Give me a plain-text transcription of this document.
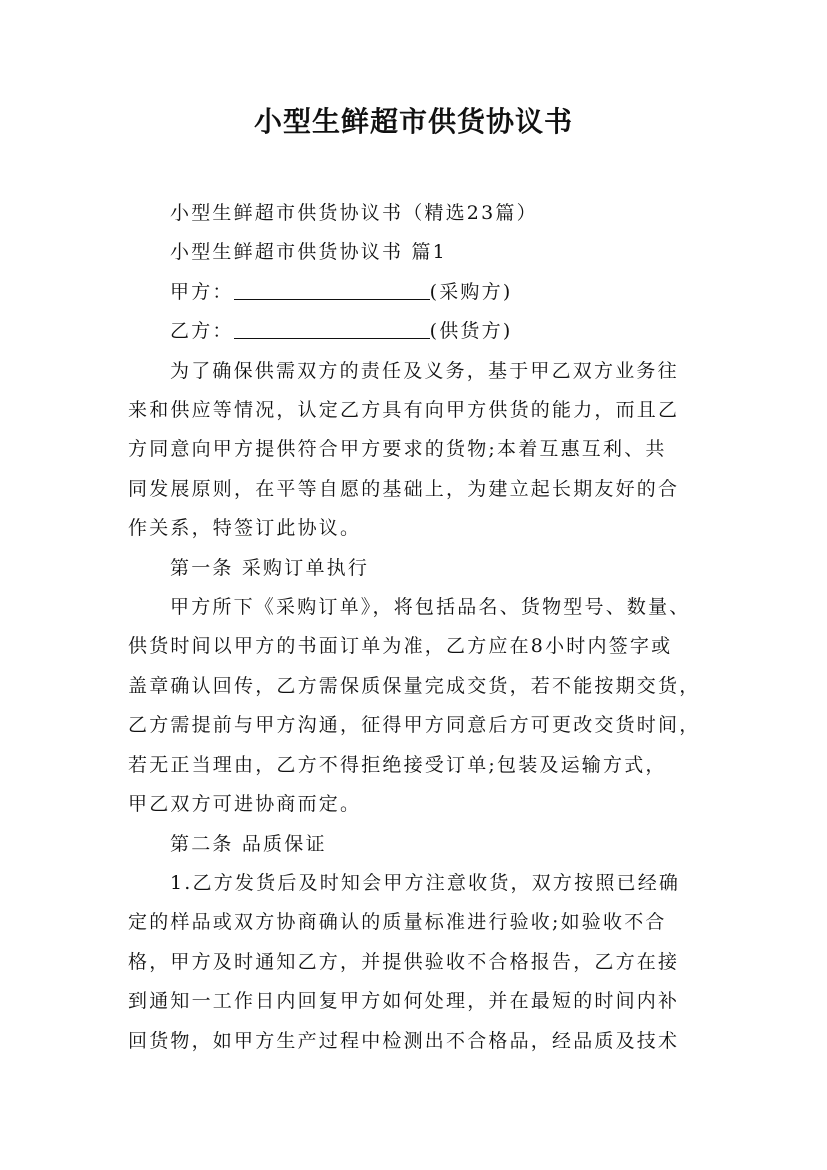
小型生鲜超市供货协议书

小型生鲜超市供货协议书（精选23篇）

小型生鲜超市供货协议书 篇1

甲方：	(采购方)

乙方：	(供货方)

为了确保供需双方的责任及义务，基于甲乙双方业务往
来和供应等情况，认定乙方具有向甲方供货的能力，而且乙
方同意向甲方提供符合甲方要求的货物;本着互惠互利、共
同发展原则，在平等自愿的基础上，为建立起长期友好的合
作关系，特签订此协议。

第一条 采购订单执行

甲方所下《采购订单》，将包括品名、货物型号、数量、
供货时间以甲方的书面订单为准，乙方应在8小时内签字或
盖章确认回传，乙方需保质保量完成交货，若不能按期交货，
乙方需提前与甲方沟通，征得甲方同意后方可更改交货时间，
若无正当理由，乙方不得拒绝接受订单;包装及运输方式，
甲乙双方可进协商而定。

第二条 品质保证

1.乙方发货后及时知会甲方注意收货，双方按照已经确
定的样品或双方协商确认的质量标准进行验收;如验收不合
格，甲方及时通知乙方，并提供验收不合格报告，乙方在接
到通知一工作日内回复甲方如何处理，并在最短的时间内补
回货物，如甲方生产过程中检测出不合格品，经品质及技术
